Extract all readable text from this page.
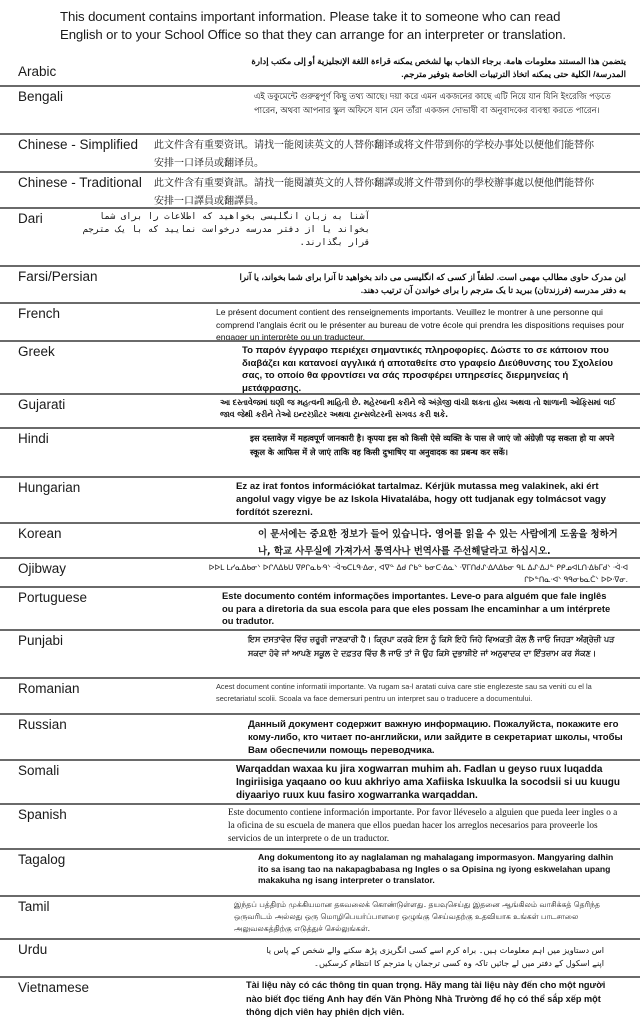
This document contains important information. Please take it to someone who can read
English or to your School Office so that they can arrange for an interpreter or translation.
Arabic
يتضمن هذا المستند معلومات هامة. برجاء الذهاب بها لشخص يمكنه قراءة اللغة الإنجليزية أو إلى مكتب إدارة المدرسة/ الكلية حتى يمكنه اتخاذ الترتيبات الخاصة بتوفير مترجم.
Bengali	এই ডকুমেন্টে গুরুত্বপূর্ণ কিছু তথ্য আছে। দয়া করে এমন একজনের কাছে এটি নিয়ে যান যিনি ইংরেজি পড়তে পারেন, অথবা আপনার স্কুল অফিসে যান যেন তাঁরা একজন দোভাষী বা অনুবাদকের ব্যবস্থা করতে পারেন।
Chinese - Simplified 此文件含有重要资讯。请找一能阅读英文的人替你翻译或将文件带到你的学校办事处以便他们能替你安排一口译员或翻译员。
Chinese - Traditional 此文件含有重要資訊。請找一能閱讀英文的人替你翻譯或將文件帶到你的學校辦事處以便他們能替你安排一口譯員或翻譯員。
Dari	آشنا به زبان انگلیسی بخواهید که اطلاعات را برای شما بخواند یا از دفتر مدرسه درخواست نمایید که با یک مترجم قرار بگذارند.
Farsi/Persian	این مدرک حاوی مطالب مهمی است. لطفاً از کسی که انگلیسی می داند بخواهید تا آنرا برای شما بخواند، یا آنرا به دفتر مدرسه (فرزندتان) ببرید تا یک مترجم را برای خواندن آن ترتیب دهند.
French	Le présent document contient des renseignements importants. Veuillez le montrer à une personne qui comprend l'anglais écrit ou le présenter au bureau de votre école qui prendra les dispositions requises pour engager un interprète ou un traducteur.
Greek	Το παρόν έγγραφο περιέχει σημαντικές πληροφορίες. Δώστε το σε κάποιον που διαβάζει και κατανοεί αγγλικά ή αποταθείτε στο γραφείο Διεύθυνσης του Σχολείου σας, το οποίο θα φροντίσει να σάς προσφέρει υπηρεσίες διερμηνείας ή μετάφρασης.
Gujarati	આ દસ્તાવેજમાં ઘણી જ મહત્વની માહિતી છે. મહેરબાની કરીને જે અંગ્રેજી વાંચી શકતા હોય અથવા તો શાળાની ઓફિસમાં લઈ જાવ જેથી કરીને તેઓ ઇન્ટરપ્રીટર અથવા ટ્રાન્સલેટરની સગવડ કરી શકે.
Hindi	इस दस्तावेज़ में महत्वपूर्ण जानकारी है। कृपया इस को किसी ऐसे व्यक्ति के पास ले जाएं जो अंग्रेज़ी पढ़ सकता हो या अपने स्कूल के आफिस में ले जाएं ताकि वह किसी दुभाषिए या अनुवादक का प्रबन्ध कर सकें।
Hungarian	Ez az irat fontos információkat tartalmaz. Kérjük mutassa meg valakinek, aki ért angolul vagy vigye be az Iskola Hivatalába, hogy ott tudjanak egy tolmácsot vagy fordítót szerezni.
Korean	이 문서에는 중요한 정보가 들어 있습니다. 영어를 읽을 수 있는 사람에게 도움을 청하거나, 학교 사무실에 가져가서 통역사나 번역사를 주선해달라고 하십시오.
Ojibway	ᐅᐅᒪ ᒪᓯᓇᐃᑲᓂᐠ ᐅᒋᐱᐃᑲᑌ ᐁᑭᒋᓇᑲᐧᑫᐠ ᐧᐋᓀᑕᒪᑫᐧᐃᓂ, ᐊᐁᓐ ᐃᑯ ᒋᑲᓐ ᑲᓂᑕᐧᐃᓇᐠ ᐧᐁᒥᑎᑯᔑᐧᐃᐱᐃᑲᓂ ᑫᒪ ᐃᔑᐧᐃᒍᓐ ᑭᑭᓄᐊᒪᑎᐧᐃᑲᒥᑯᐠ ᐧᐋᐧᐊ ᒋᐅᓐᑎᓇᐧᐊᐠ ᑫᑫᓂᑲᓇᑖᐠ ᐅᐅᐧᐁᓂ.
Portuguese	Este documento contém informações importantes. Leve-o para alguém que fale inglês ou para a diretoria da sua escola para que eles possam lhe encaminhar a um intérprete ou tradutor.
Punjabi	ਇਸ ਦਸਤਾਵੇਜ਼ ਵਿੱਚ ਜ਼ਰੂਰੀ ਜਾਣਕਾਰੀ ਹੈ। ਕ੍ਰਿਪਾ ਕਰਕੇ ਇਸ ਨੂੰ ਕਿਸੇ ਇਹੋ ਜਿਹੇ ਵਿਅਕਤੀ ਕੋਲ ਲੈ ਜਾਓ ਜਿਹੜਾ ਅੰਗ੍ਰੇਜ਼ੀ ਪੜ ਸਕਦਾ ਹੋਵੇ ਜਾਂ ਆਪਣੇ ਸਕੂਲ ਦੇ ਦਫ਼ਤਰ ਵਿੱਚ ਲੈ ਜਾਓ ਤਾਂ ਜੋ ਉਹ ਕਿਸੇ ਦੁਭਾਸ਼ੀਏ ਜਾਂ ਅਨੁਵਾਦਕ ਦਾ ਇੰਤਜ਼ਾਮ ਕਰ ਸੱਕਣ।
Romanian	Acest document contine informatii importante. Va rugam sa-l aratati cuiva care stie englezeste sau sa veniti cu el la secretariatul scolii. Scoala va face demersuri pentru un interpret sau o traducere a documentului.
Russian	Данный документ содержит важную информацию. Пожалуйста, покажите его кому-либо, кто читает по-английски, или зайдите в секретариат школы, чтобы Вам обеспечили помощь переводчика.
Somali	Warqaddan waxaa ku jira xogwarran muhim ah. Fadlan u geyso ruux luqadda Ingiriisiga yaqaano oo kuu akhriyo ama Xafiiska Iskuulka la socodsii si uu kuugu diyaariyo ruux kuu fasiro xogwarranka warqaddan.
Spanish	Este documento contiene información importante. Por favor lléveselo a alguien que pueda leer ingles o a la oficina de su escuela de manera que ellos puedan hacer los arreglos necesarios para proveerle los servicios de un interprete o de un traductor.
Tagalog	Ang dokumentong ito ay naglalaman ng mahalagang impormasyon. Mangyaring dalhin ito sa isang tao na nakapagbabasa ng Ingles o sa Opisina ng iyong eskwelahan upang makakuha ng isang interpreter o translator.
Tamil	இந்தப் பத்திரம் முக்கியமான தகவலைக் கொண்டுள்ளது. தயவுசெய்து இதனை ஆங்கிலம் வாசிக்கத் தெரிந்த ஒருவரிடம் அல்லது ஒரு மொழிபெயர்ப்பாளரை ஒழுங்கு செய்வதற்கு உதவியாக உங்கள் பாடசாலை அலுவலகத்திற்கு எடுத்துச் செல்லுங்கள்.
Urdu	اس دستاویز میں اہم معلومات ہیں۔ براہ کرم اسے کسی انگریزی پڑھ سکنے والے شخص کے پاس یا اپنے اسکول کے دفتر میں لے جائیں تاکہ وہ کسی ترجمان یا مترجم کا انتظام کرسکیں۔
Vietnamese	Tài liệu này có các thông tin quan trọng. Hãy mang tài liệu này đến cho một người nào biết đọc tiếng Anh hay đến Văn Phòng Nhà Trường để họ có thể sắp xếp một thông dịch viên hay phiên dịch viên.
